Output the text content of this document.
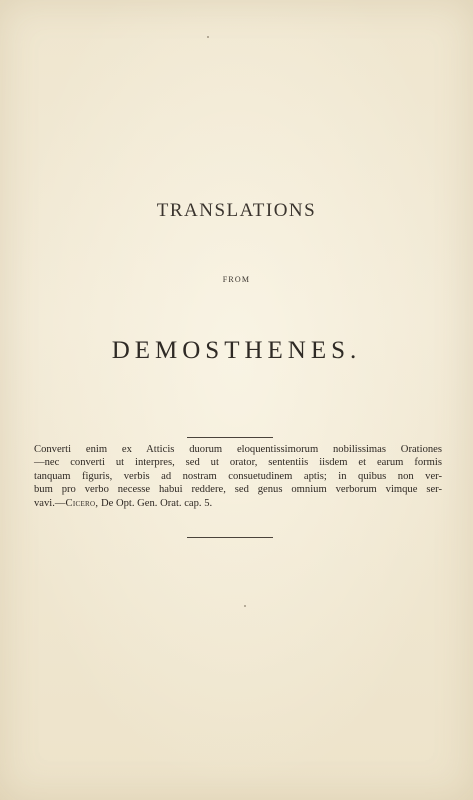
TRANSLATIONS
FROM
DEMOSTHENES.
Converti enim ex Atticis duorum eloquentissimorum nobilissimas Orationes
—nec converti ut interpres, sed ut orator, sententiis iisdem et earum formis
tanquam figuris, verbis ad nostram consuetudinem aptis; in quibus non ver-
bum pro verbo necesse habui reddere, sed genus omnium verborum vimque ser-
vavi.—Cicero, De Opt. Gen. Orat. cap. 5.
